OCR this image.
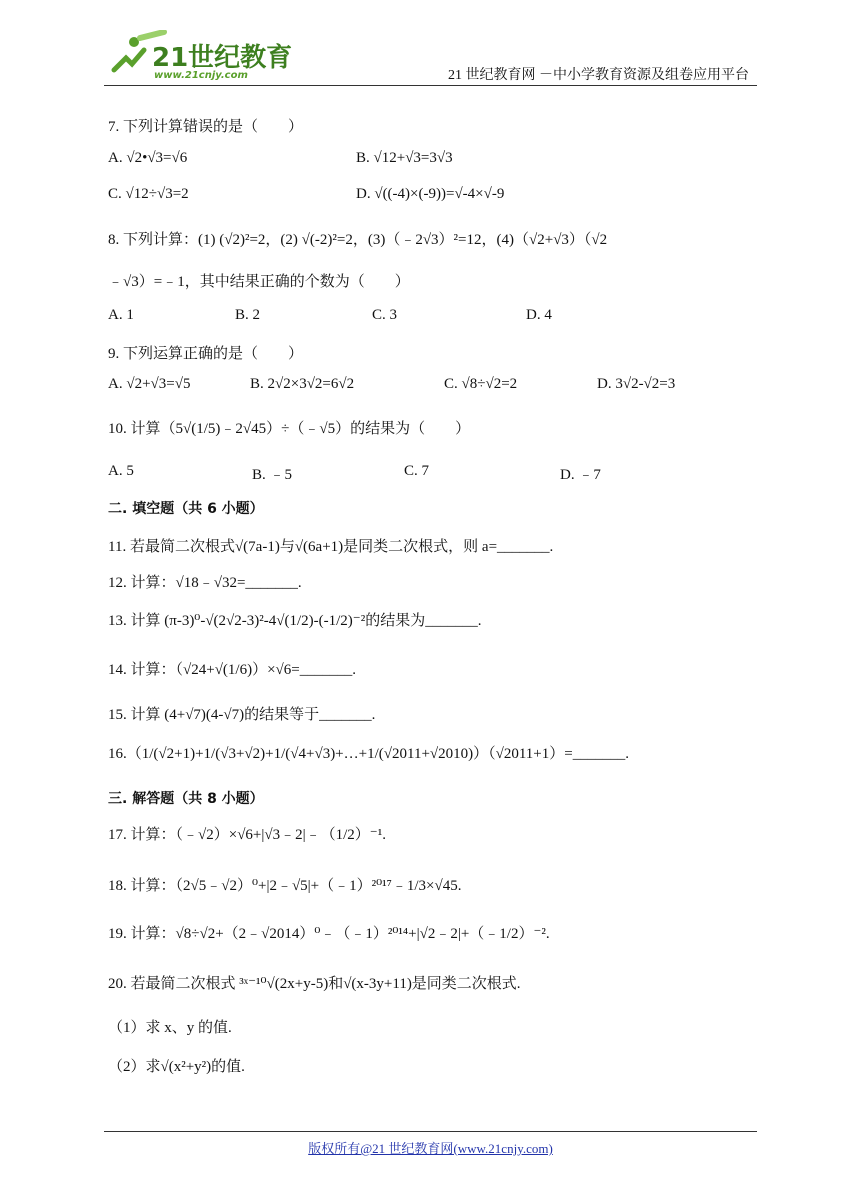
21世纪教育
www.21cnjy.com	21 世纪教育网 －中小学教育资源及组卷应用平台
7. 下列计算错误的是（　　）
A. √2•√3=√6	B. √12+√3=3√3
C. √12÷√3=2	D. √((-4)×(-9))=√-4×√-9
8. 下列计算：(1) (√2)²=2，(2) √(-2)²=2，(3)（﹣2√3）²=12，(4)（√2+√3）（√2
﹣√3）=﹣1，其中结果正确的个数为（　　）
A. 1	B. 2	C. 3	D. 4
9. 下列运算正确的是（　　）
A. √2+√3=√5	B. 2√2×3√2=6√2	C. √8÷√2=2	D. 3√2-√2=3
10. 计算（5√(1/5)﹣2√45）÷（﹣√5）的结果为（　　）
A. 5	B. ﹣5	C. 7	D. ﹣7
二. 填空题（共 6 小题）
11. 若最简二次根式√(7a-1)与√(6a+1)是同类二次根式，则 a=_______.
12. 计算：√18﹣√32=_______.
13. 计算 (π-3)⁰-√(2√2-3)²-4√(1/2)-(-1/2)⁻²的结果为_______.
14. 计算：（√24+√(1/6)）×√6=_______.
15. 计算 (4+√7)(4-√7)的结果等于_______.
16.（1/(√2+1)+1/(√3+√2)+1/(√4+√3)+…+1/(√2011+√2010)）（√2011+1）=_______.
三. 解答题（共 8 小题）
17. 计算：（﹣√2）×√6+|√3﹣2|﹣（1/2）⁻¹.
18. 计算：（2√5﹣√2）⁰+|2﹣√5|+（﹣1）²⁰¹⁷﹣1/3×√45.
19. 计算：√8÷√2+（2﹣√2014）⁰﹣（﹣1）²⁰¹⁴+|√2﹣2|+（﹣1/2）⁻².
20. 若最简二次根式 ³ˣ⁻¹⁰√(2x+y-5)和√(x-3y+11)是同类二次根式.
（1）求 x、y 的值.
（2）求√(x²+y²)的值.
版权所有@21 世纪教育网(www.21cnjy.com)
